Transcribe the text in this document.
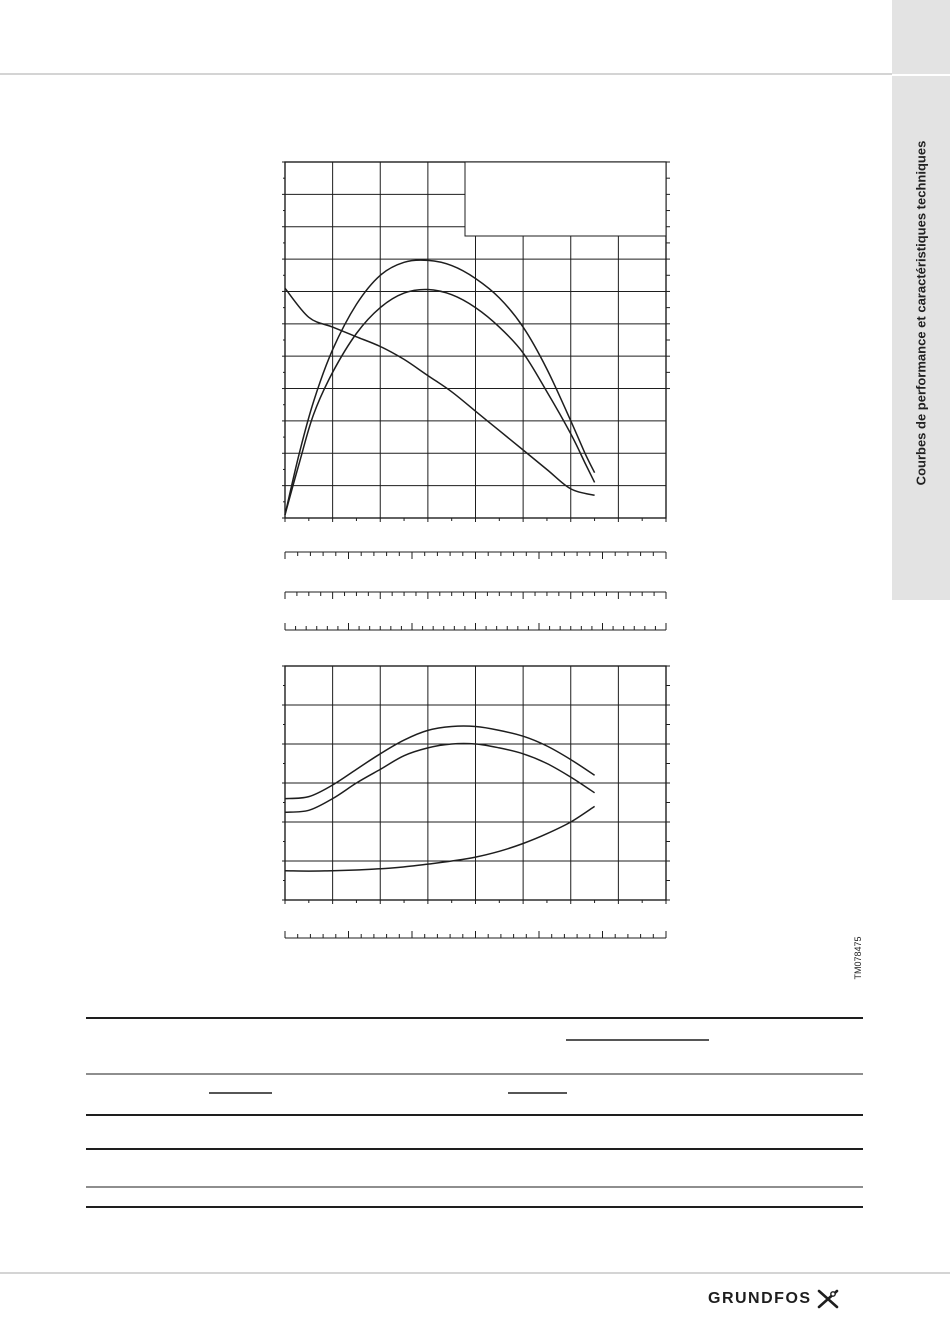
Courbes de performance et caractéristiques techniques
TM078475
GRUNDFOS
